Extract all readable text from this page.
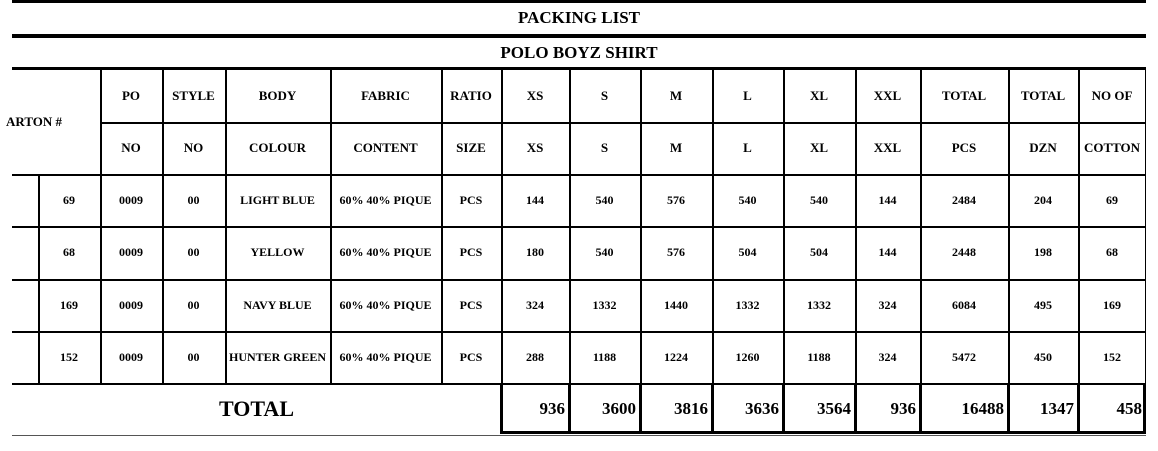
PACKING LIST
POLO BOYZ SHIRT
ARTON #
PO	STYLE	BODY	FABRIC	RATIO	XS	S	M	L	XL	XXL	TOTAL	TOTAL	NO OF
NO	NO	COLOUR	CONTENT	SIZE	XS	S	M	L	XL	XXL	PCS	DZN	COTTON
69	0009	00	LIGHT BLUE	60% 40% PIQUE	PCS	144	540	576	540	540	144	2484	204	69
68	0009	00	YELLOW	60% 40% PIQUE	PCS	180	540	576	504	504	144	2448	198	68
169	0009	00	NAVY BLUE	60% 40% PIQUE	PCS	324	1332	1440	1332	1332	324	6084	495	169
152	0009	00	HUNTER GREEN	60% 40% PIQUE	PCS	288	1188	1224	1260	1188	324	5472	450	152
TOTAL	936	3600	3816	3636	3564	936	16488	1347	458
